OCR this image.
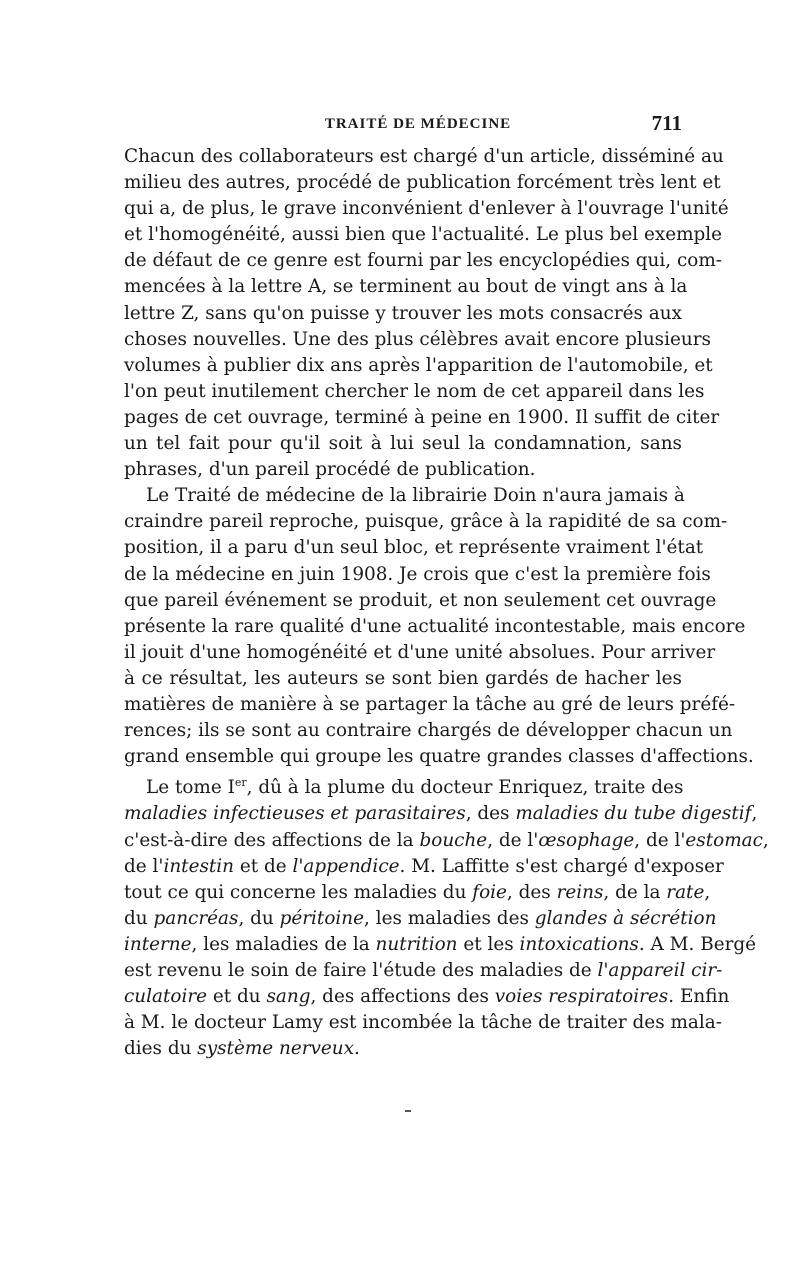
TRAITÉ DE MÉDECINE	711

Chacun des collaborateurs est chargé d'un article, disséminé au
milieu des autres, procédé de publication forcément très lent et
qui a, de plus, le grave inconvénient d'enlever à l'ouvrage l'unité
et l'homogénéité, aussi bien que l'actualité. Le plus bel exemple
de défaut de ce genre est fourni par les encyclopédies qui, com-
mencées à la lettre A, se terminent au bout de vingt ans à la
lettre Z, sans qu'on puisse y trouver les mots consacrés aux
choses nouvelles. Une des plus célèbres avait encore plusieurs
volumes à publier dix ans après l'apparition de l'automobile, et
l'on peut inutilement chercher le nom de cet appareil dans les
pages de cet ouvrage, terminé à peine en 1900. Il suffit de citer
un tel fait pour qu'il soit à lui seul la condamnation, sans
phrases, d'un pareil procédé de publication.

Le Traité de médecine de la librairie Doin n'aura jamais à
craindre pareil reproche, puisque, grâce à la rapidité de sa com-
position, il a paru d'un seul bloc, et représente vraiment l'état
de la médecine en juin 1908. Je crois que c'est la première fois
que pareil événement se produit, et non seulement cet ouvrage
présente la rare qualité d'une actualité incontestable, mais encore
il jouit d'une homogénéité et d'une unité absolues. Pour arriver
à ce résultat, les auteurs se sont bien gardés de hacher les
matières de manière à se partager la tâche au gré de leurs préfé-
rences; ils se sont au contraire chargés de développer chacun un
grand ensemble qui groupe les quatre grandes classes d'affections.

Le tome Ier, dû à la plume du docteur Enriquez, traite des
maladies infectieuses et parasitaires, des maladies du tube digestif,
c'est-à-dire des affections de la bouche, de l'œsophage, de l'estomac,
de l'intestin et de l'appendice. M. Laffitte s'est chargé d'exposer
tout ce qui concerne les maladies du foie, des reins, de la rate,
du pancréas, du péritoine, les maladies des glandes à sécrétion
interne, les maladies de la nutrition et les intoxications. A M. Bergé
est revenu le soin de faire l'étude des maladies de l'appareil cir-
culatoire et du sang, des affections des voies respiratoires. Enfin
à M. le docteur Lamy est incombée la tâche de traiter des mala-
dies du système nerveux.
